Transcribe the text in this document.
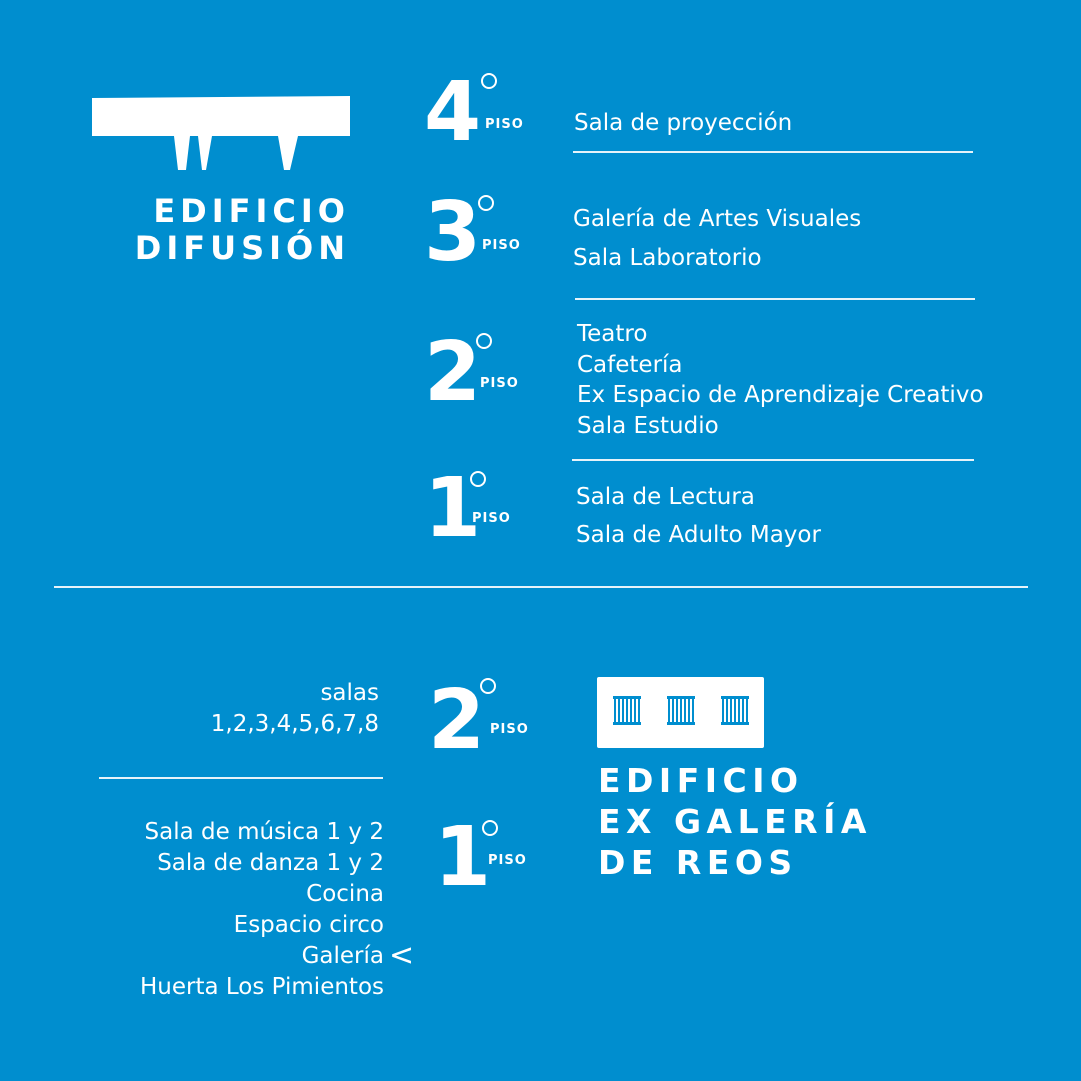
EDIFICIO
DIFUSIÓN
4 PISO Sala de proyección
3 PISO
Galería de Artes Visuales
Sala Laboratorio
2 PISO
Teatro
Cafetería
Ex Espacio de Aprendizaje Creativo
Sala Estudio
1
PISO
Sala de Lectura
Sala de Adulto Mayor
salas
1,2,3,4,5,6,7,8 2 PISO
EDIFICIO
EX GALERÍA
DE REOS
Sala de música 1 y 2
Sala de danza 1 y 2
Cocina
Espacio circo
Galería
Huerta Los Pimientos
<
1
PISO
